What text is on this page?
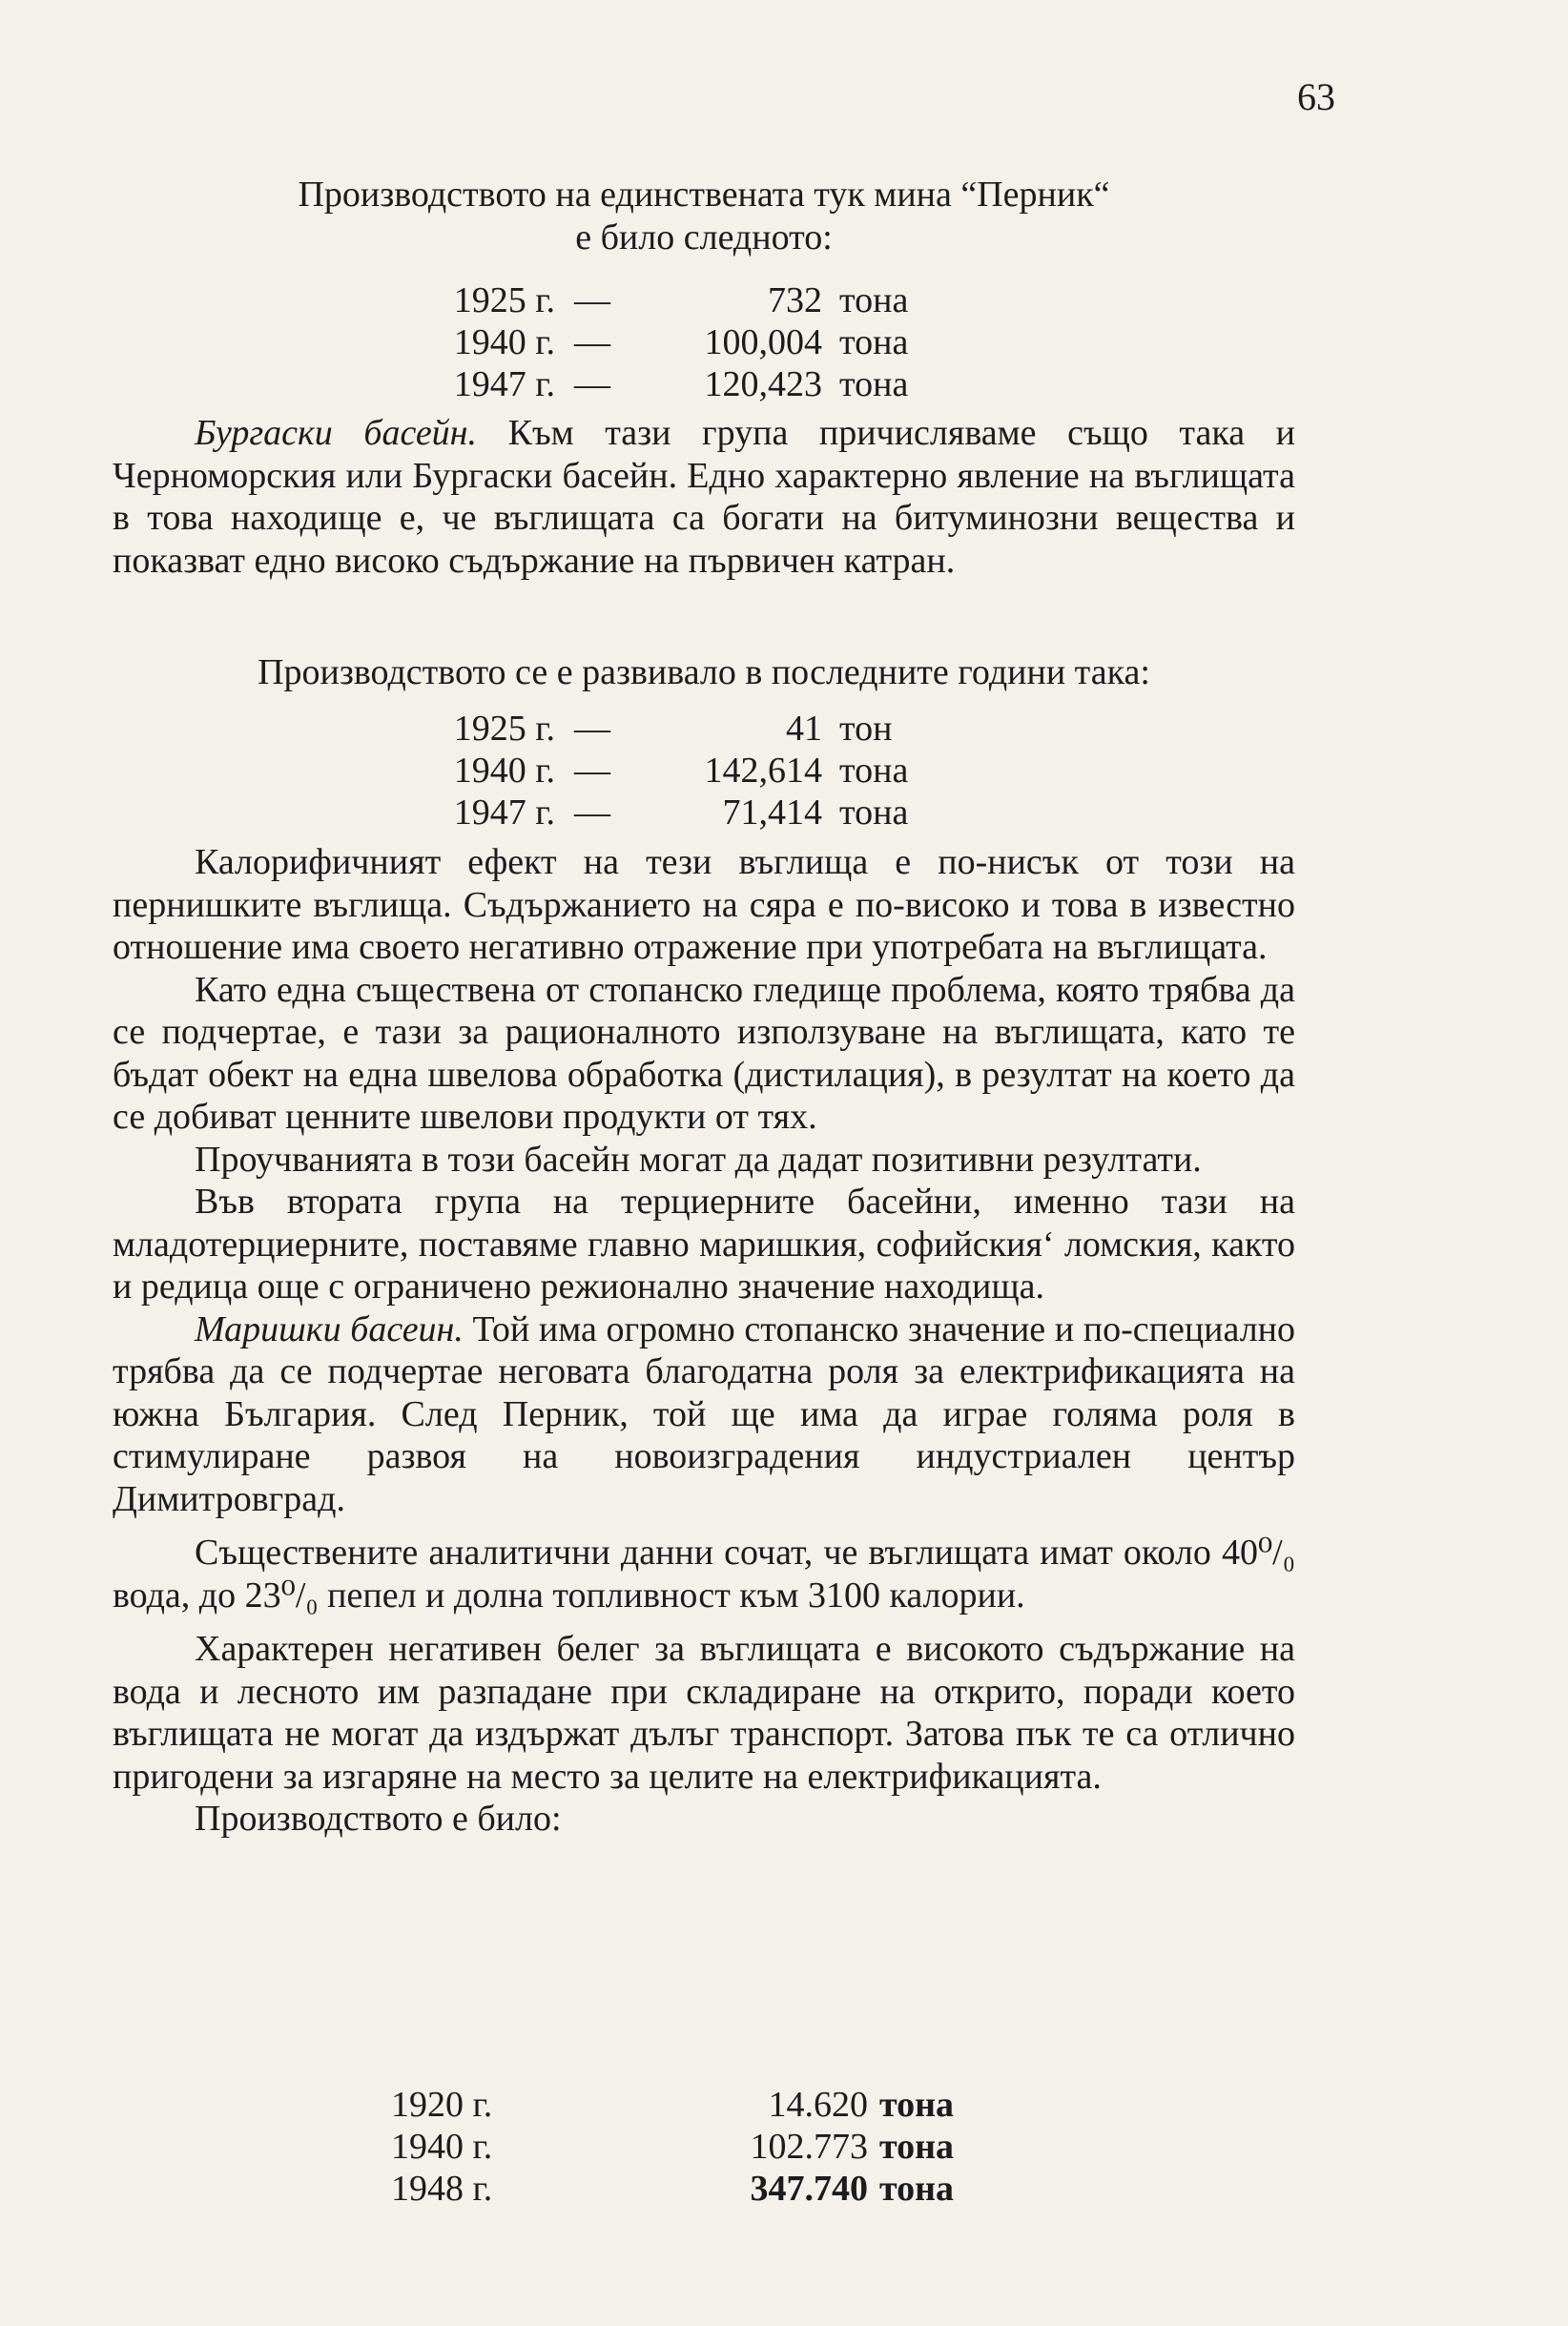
63

Производството на единствената тук мина “Перник“

е било следното:

1925 г. —	732 тона
1940 г. —	100,004 тона
1947 г. —	120,423 тона

Бургаски басейн. Към тази група причисляваме също така и Черноморския или Бургаски басейн. Едно характерно явление на въглищата в това находище е, че въглищата са богати на битуминозни вещества и показват едно високо съдържание на първичен катран.

Производството се е развивало в последните години така:

1925 г. —	41 тон
1940 г. —	142,614 тона
1947 г. —	71,414 тона

Калорифичният ефект на тези въглища е по-нисък от този на пернишките въглища. Съдържанието на сяра е по-високо и това в известно отношение има своето негативно отражение при употребата на въглищата.

Като една съществена от стопанско гледище проблема, която трябва да се подчертае, е тази за рационалното използуване на въглищата, като те бъдат обект на една швелова обработка (дистилация), в резултат на което да се добиват ценните швелови продукти от тях.

Проучванията в този басейн могат да дадат позитивни резултати.

Във втората група на терциерните басейни, именно тази на младотерциерните, поставяме главно маришкия, софийския‘ ломския, както и редица още с ограничено режионално значение находища.

Маришки басеин. Той има огромно стопанско значение и по-специално трябва да се подчертае неговата благодатна роля за електрификацията на южна България. След Перник, той ще има да играе голяма роля в стимулиране развоя на новоизградения индустриален център Димитровград.

Съществените аналитични данни сочат, че въглищата имат около 40⁰/₀ вода, до 23⁰/₀ пепел и долна топливност към 3100 калории.

Характерен негативен белег за въглищата е високото съдържание на вода и лесното им разпадане при складиране на открито, поради което въглищата не могат да издържат дълъг транспорт. Затова пък те са отлично пригодени за изгаряне на место за целите на електрификацията.

Производството е било:

1920 г.	14.620 тона
1940 г.	102.773 тона
1948 г.	347.740 тона
